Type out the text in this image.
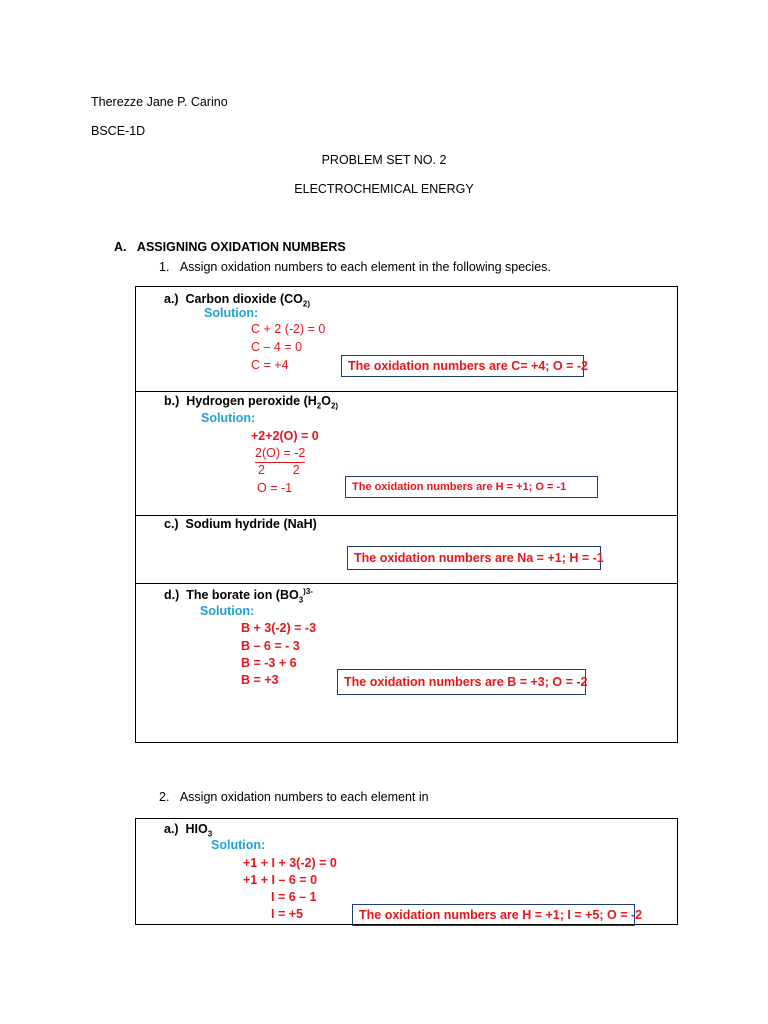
Therezze Jane P. Carino
BSCE-1D
PROBLEM SET NO. 2
ELECTROCHEMICAL ENERGY
A.   ASSIGNING OXIDATION NUMBERS
1.   Assign oxidation numbers to each element in the following species.
a.)  Carbon dioxide ($CO_{2)}$
Solution:
C + 2 (-2) = 0
C – 4 = 0
C = +4	The oxidation numbers are C= +4; O = -2
b.)  Hydrogen peroxide ($H_2O_{2)}$
Solution:
+2+2(O) = 0
2(O) = -2
2        2
O = -1	The oxidation numbers are H = +1; O = -1
c.)  Sodium hydride (NaH)
The oxidation numbers are Na = +1; H = -1
d.)  The borate ion ($BO_3^{)3-}$
Solution:
B + 3(-2) = -3
B – 6 = - 3
B = -3 + 6
B = +3	The oxidation numbers are B = +3; O = -2
2.   Assign oxidation numbers to each element in
a.)  $HIO_3$
Solution:
+1 + I + 3(-2) = 0
+1 + I – 6 = 0
I = 6 – 1
I = +5	The oxidation numbers are H = +1; I = +5; O = -2
